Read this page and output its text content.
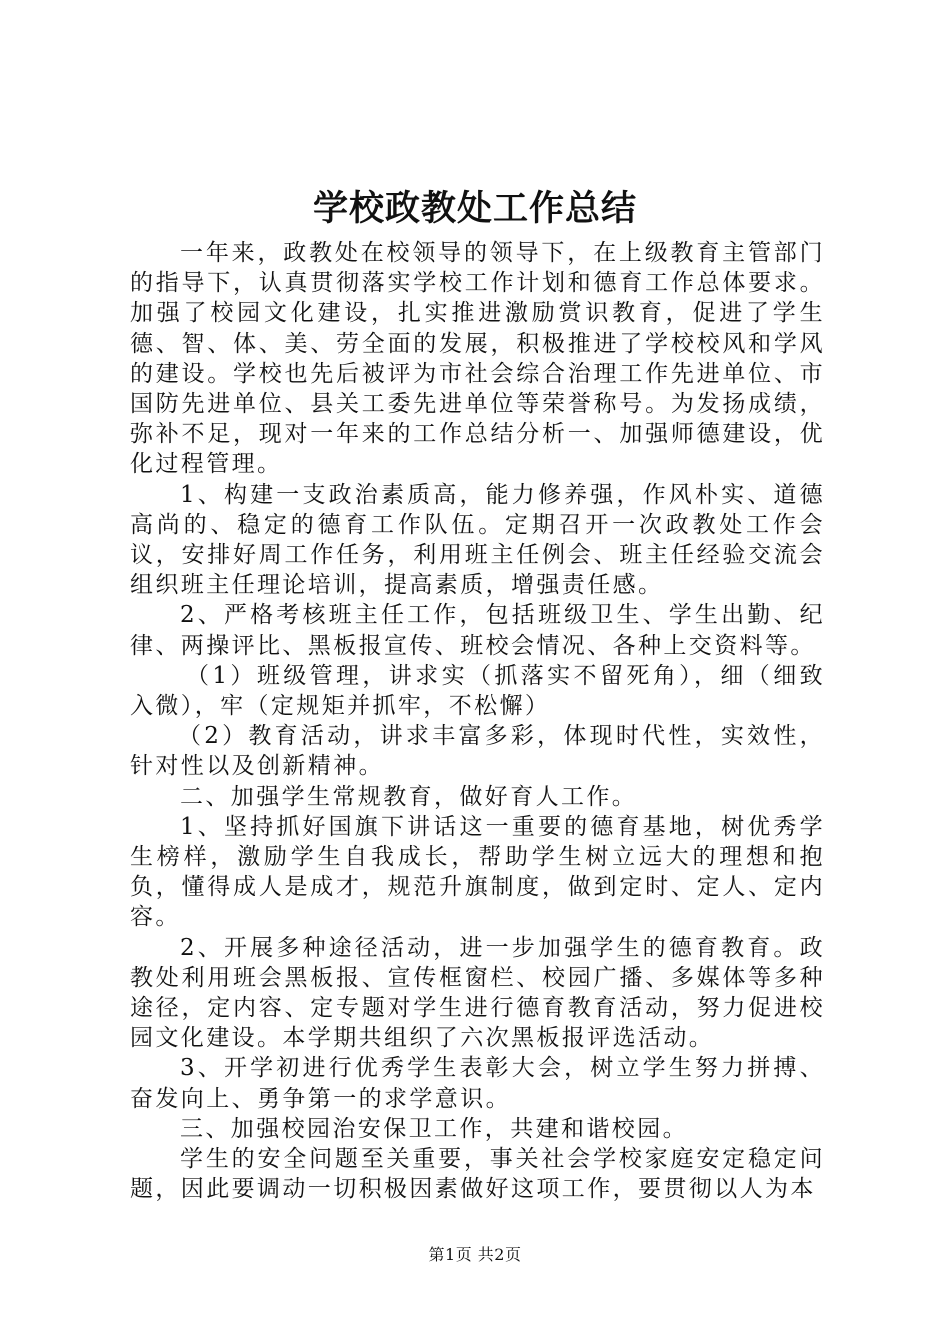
学校政教处工作总结

一年来，政教处在校领导的领导下，在上级教育主管部门的指导下，认真贯彻落实学校工作计划和德育工作总体要求。加强了校园文化建设，扎实推进激励赏识教育，促进了学生德、智、体、美、劳全面的发展，积极推进了学校校风和学风的建设。学校也先后被评为市社会综合治理工作先进单位、市国防先进单位、县关工委先进单位等荣誉称号。为发扬成绩，弥补不足，现对一年来的工作总结分析一、加强师德建设，优化过程管理。

1、构建一支政治素质高，能力修养强，作风朴实、道德高尚的、稳定的德育工作队伍。定期召开一次政教处工作会议，安排好周工作任务，利用班主任例会、班主任经验交流会组织班主任理论培训，提高素质，增强责任感。

2、严格考核班主任工作，包括班级卫生、学生出勤、纪律、两操评比、黑板报宣传、班校会情况、各种上交资料等。

（1）班级管理，讲求实（抓落实不留死角），细（细致入微），牢（定规矩并抓牢，不松懈）

（2）教育活动，讲求丰富多彩，体现时代性，实效性，针对性以及创新精神。

二、加强学生常规教育，做好育人工作。

1、坚持抓好国旗下讲话这一重要的德育基地，树优秀学生榜样，激励学生自我成长，帮助学生树立远大的理想和抱负，懂得成人是成才，规范升旗制度，做到定时、定人、定内容。

2、开展多种途径活动，进一步加强学生的德育教育。政教处利用班会黑板报、宣传框窗栏、校园广播、多媒体等多种途径，定内容、定专题对学生进行德育教育活动，努力促进校园文化建设。本学期共组织了六次黑板报评选活动。

3、开学初进行优秀学生表彰大会，树立学生努力拼搏、奋发向上、勇争第一的求学意识。

三、加强校园治安保卫工作，共建和谐校园。

学生的安全问题至关重要，事关社会学校家庭安定稳定问题，因此要调动一切积极因素做好这项工作，要贯彻以人为本

第1页 共2页
